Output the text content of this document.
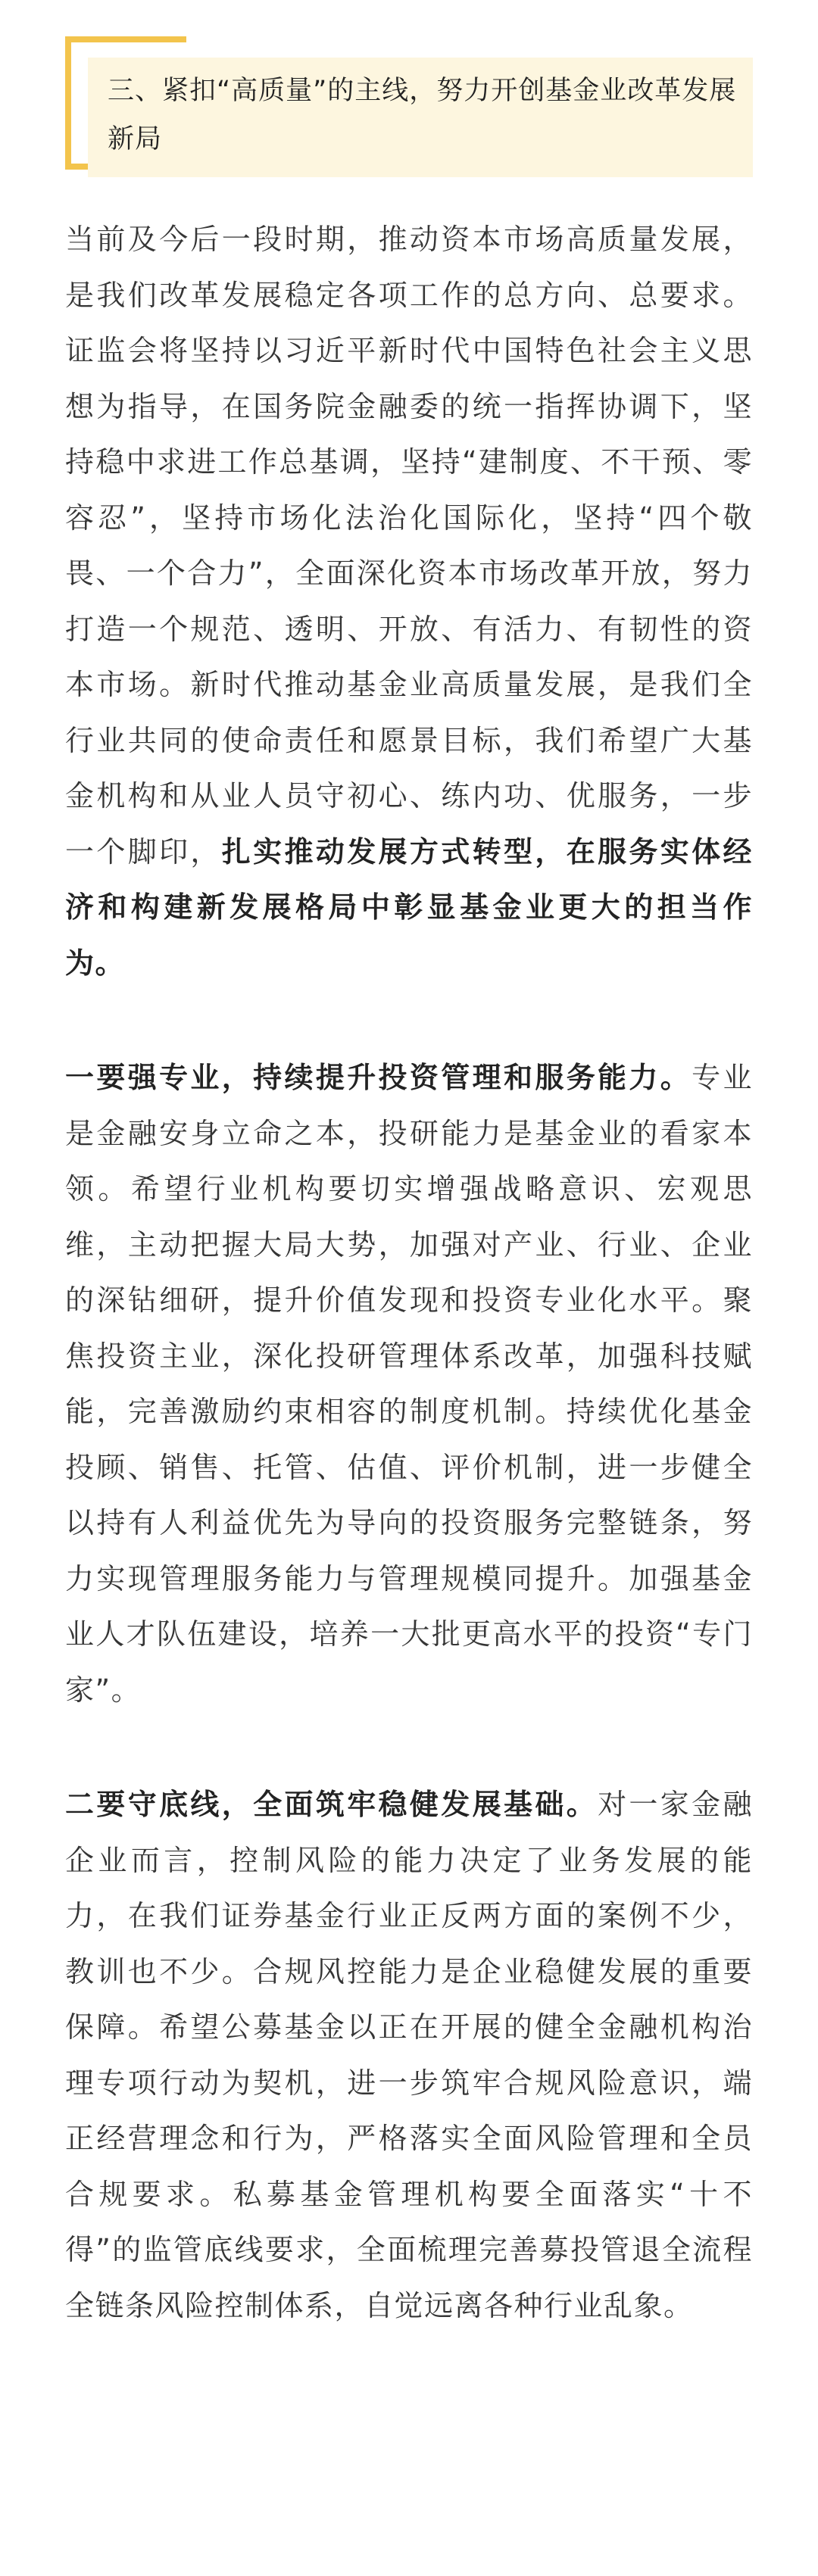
三、紧扣“高质量”的主线，努力开创基金业改革发展新局

当前及今后一段时期，推动资本市场高质量发展，是我们改革发展稳定各项工作的总方向、总要求。证监会将坚持以习近平新时代中国特色社会主义思想为指导，在国务院金融委的统一指挥协调下，坚持稳中求进工作总基调，坚持“建制度、不干预、零容忍”，坚持市场化法治化国际化，坚持“四个敬畏、一个合力”，全面深化资本市场改革开放，努力打造一个规范、透明、开放、有活力、有韧性的资本市场。新时代推动基金业高质量发展，是我们全行业共同的使命责任和愿景目标，我们希望广大基金机构和从业人员守初心、练内功、优服务，一步一个脚印，扎实推动发展方式转型，在服务实体经济和构建新发展格局中彰显基金业更大的担当作为。

一要强专业，持续提升投资管理和服务能力。专业是金融安身立命之本，投研能力是基金业的看家本领。希望行业机构要切实增强战略意识、宏观思维，主动把握大局大势，加强对产业、行业、企业的深钻细研，提升价值发现和投资专业化水平。聚焦投资主业，深化投研管理体系改革，加强科技赋能，完善激励约束相容的制度机制。持续优化基金投顾、销售、托管、估值、评价机制，进一步健全以持有人利益优先为导向的投资服务完整链条，努力实现管理服务能力与管理规模同提升。加强基金业人才队伍建设，培养一大批更高水平的投资“专门家”。

二要守底线，全面筑牢稳健发展基础。对一家金融企业而言，控制风险的能力决定了业务发展的能力，在我们证券基金行业正反两方面的案例不少，教训也不少。合规风控能力是企业稳健发展的重要保障。希望公募基金以正在开展的健全金融机构治理专项行动为契机，进一步筑牢合规风险意识，端正经营理念和行为，严格落实全面风险管理和全员合规要求。私募基金管理机构要全面落实“十不得”的监管底线要求，全面梳理完善募投管退全流程全链条风险控制体系，自觉远离各种行业乱象。
